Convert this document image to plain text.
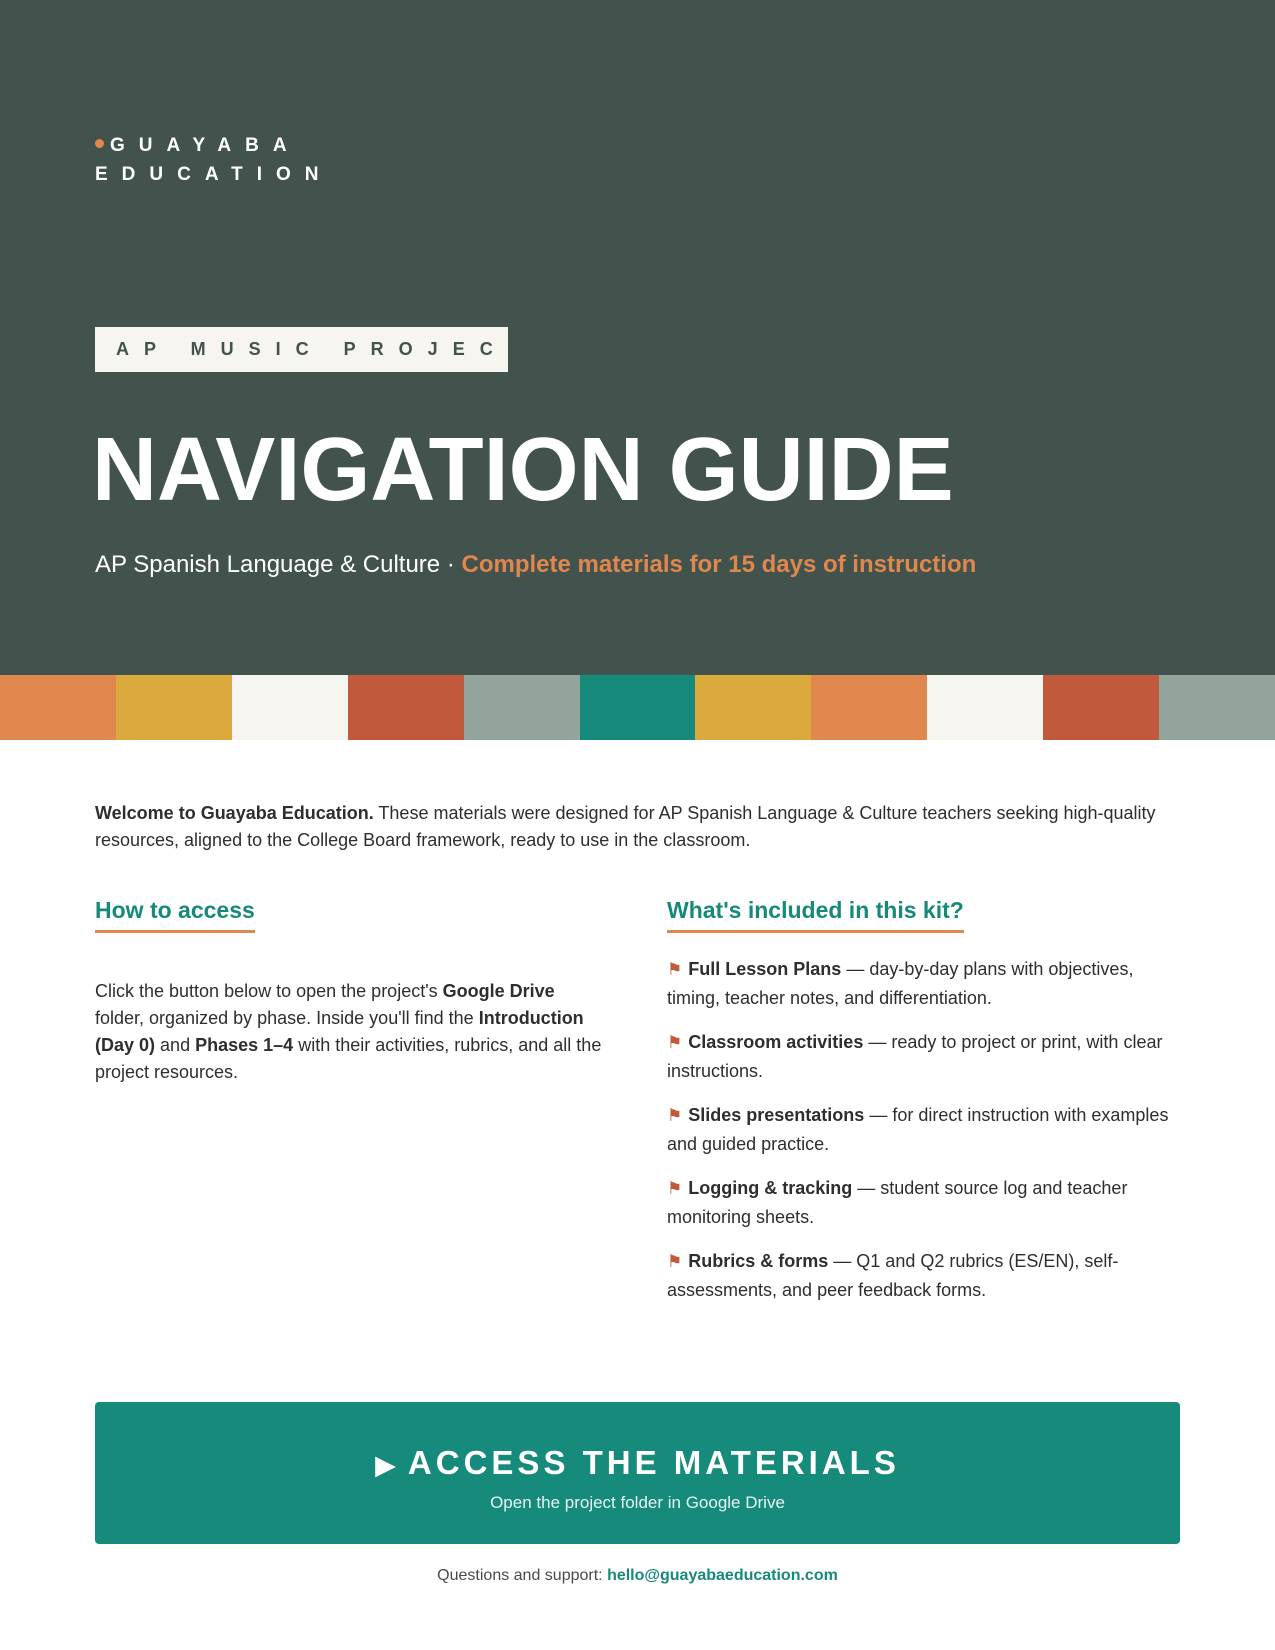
GUAYABA
EDUCATION
AP MUSIC PROJECT
NAVIGATION GUIDE

AP Spanish Language & Culture · Complete materials for 15 days of instruction

Welcome to Guayaba Education. These materials were designed for AP Spanish Language & Culture teachers seeking high-quality resources, aligned to the College Board framework, ready to use in the classroom.

How to access

Click the button below to open the project's Google Drive folder, organized by phase. Inside you'll find the Introduction (Day 0) and Phases 1–4 with their activities, rubrics, and all the project resources.

What's included in this kit?
⚑ Full Lesson Plans — day-by-day plans with objectives, timing, teacher notes, and differentiation.
⚑ Classroom activities — ready to project or print, with clear instructions.
⚑ Slides presentations — for direct instruction with examples and guided practice.
⚑ Logging & tracking — student source log and teacher monitoring sheets.
⚑ Rubrics & forms — Q1 and Q2 rubrics (ES/EN), self-assessments, and peer feedback forms.
▶ ACCESS THE MATERIALS
Open the project folder in Google Drive

Questions and support: hello@guayabaeducation.com
